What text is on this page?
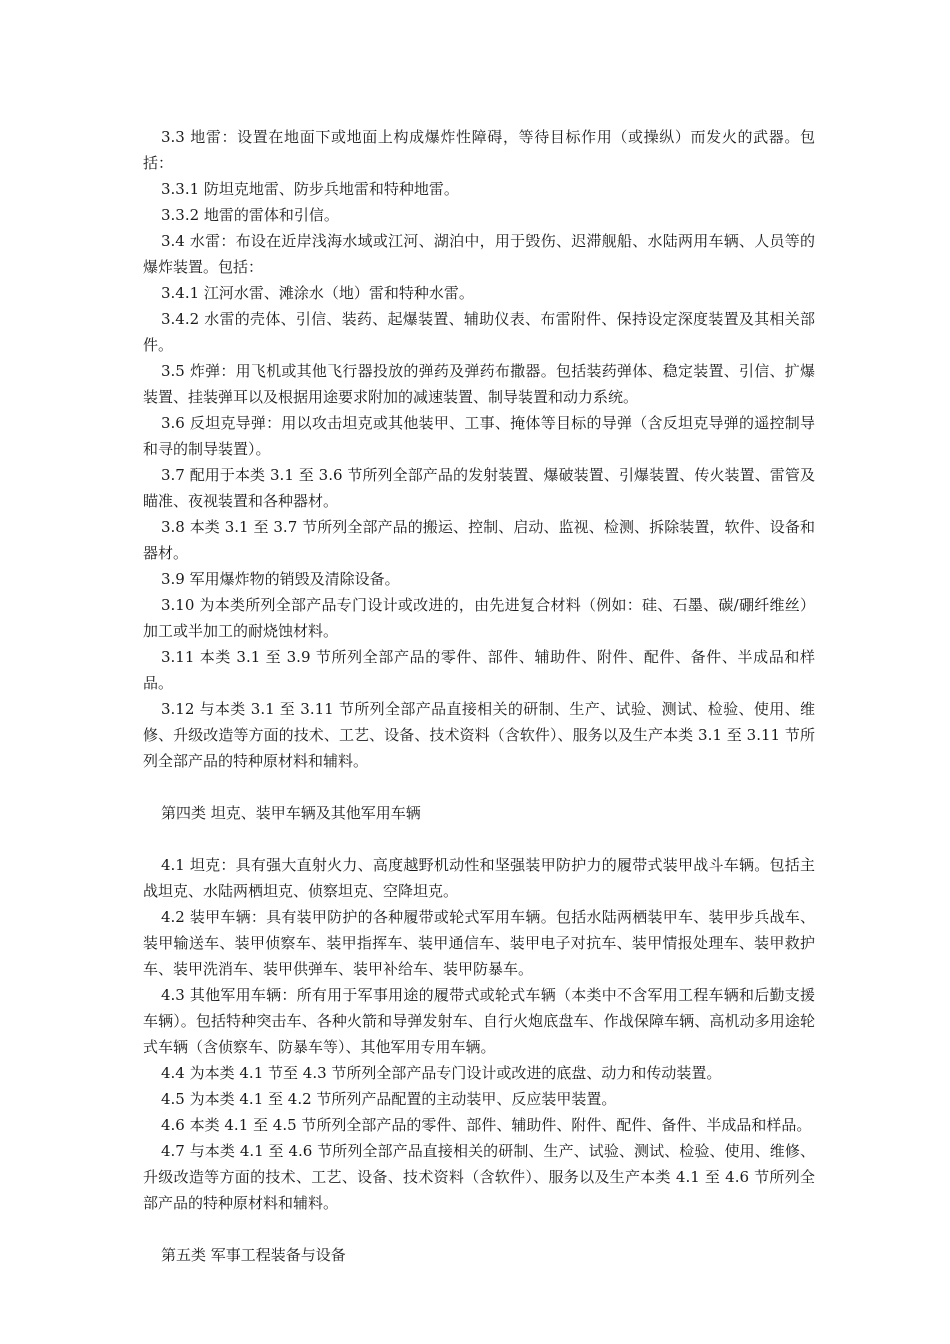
3.3 地雷：设置在地面下或地面上构成爆炸性障碍，等待目标作用（或操纵）而发火的武器。包括：

3.3.1 防坦克地雷、防步兵地雷和特种地雷。

3.3.2 地雷的雷体和引信。

3.4 水雷：布设在近岸浅海水域或江河、湖泊中，用于毁伤、迟滞舰船、水陆两用车辆、人员等的爆炸装置。包括：

3.4.1 江河水雷、滩涂水（地）雷和特种水雷。

3.4.2 水雷的壳体、引信、装药、起爆装置、辅助仪表、布雷附件、保持设定深度装置及其相关部件。

3.5 炸弹：用飞机或其他飞行器投放的弹药及弹药布撒器。包括装药弹体、稳定装置、引信、扩爆装置、挂装弹耳以及根据用途要求附加的减速装置、制导装置和动力系统。

3.6 反坦克导弹：用以攻击坦克或其他装甲、工事、掩体等目标的导弹（含反坦克导弹的遥控制导和寻的制导装置）。

3.7 配用于本类 3.1 至 3.6 节所列全部产品的发射装置、爆破装置、引爆装置、传火装置、雷管及瞄准、夜视装置和各种器材。

3.8 本类 3.1 至 3.7 节所列全部产品的搬运、控制、启动、监视、检测、拆除装置，软件、设备和器材。

3.9 军用爆炸物的销毁及清除设备。

3.10 为本类所列全部产品专门设计或改进的，由先进复合材料（例如：硅、石墨、碳/硼纤维丝）加工或半加工的耐烧蚀材料。

3.11 本类 3.1 至 3.9 节所列全部产品的零件、部件、辅助件、附件、配件、备件、半成品和样品。

3.12 与本类 3.1 至 3.11 节所列全部产品直接相关的研制、生产、试验、测试、检验、使用、维修、升级改造等方面的技术、工艺、设备、技术资料（含软件）、服务以及生产本类 3.1 至 3.11 节所列全部产品的特种原材料和辅料。

第四类 坦克、装甲车辆及其他军用车辆

4.1 坦克：具有强大直射火力、高度越野机动性和坚强装甲防护力的履带式装甲战斗车辆。包括主战坦克、水陆两栖坦克、侦察坦克、空降坦克。

4.2 装甲车辆：具有装甲防护的各种履带或轮式军用车辆。包括水陆两栖装甲车、装甲步兵战车、装甲输送车、装甲侦察车、装甲指挥车、装甲通信车、装甲电子对抗车、装甲情报处理车、装甲救护车、装甲洗消车、装甲供弹车、装甲补给车、装甲防暴车。

4.3 其他军用车辆：所有用于军事用途的履带式或轮式车辆（本类中不含军用工程车辆和后勤支援车辆）。包括特种突击车、各种火箭和导弹发射车、自行火炮底盘车、作战保障车辆、高机动多用途轮式车辆（含侦察车、防暴车等）、其他军用专用车辆。

4.4 为本类 4.1 节至 4.3 节所列全部产品专门设计或改进的底盘、动力和传动装置。

4.5 为本类 4.1 至 4.2 节所列产品配置的主动装甲、反应装甲装置。

4.6 本类 4.1 至 4.5 节所列全部产品的零件、部件、辅助件、附件、配件、备件、半成品和样品。

4.7 与本类 4.1 至 4.6 节所列全部产品直接相关的研制、生产、试验、测试、检验、使用、维修、升级改造等方面的技术、工艺、设备、技术资料（含软件）、服务以及生产本类 4.1 至 4.6 节所列全部产品的特种原材料和辅料。

第五类 军事工程装备与设备
